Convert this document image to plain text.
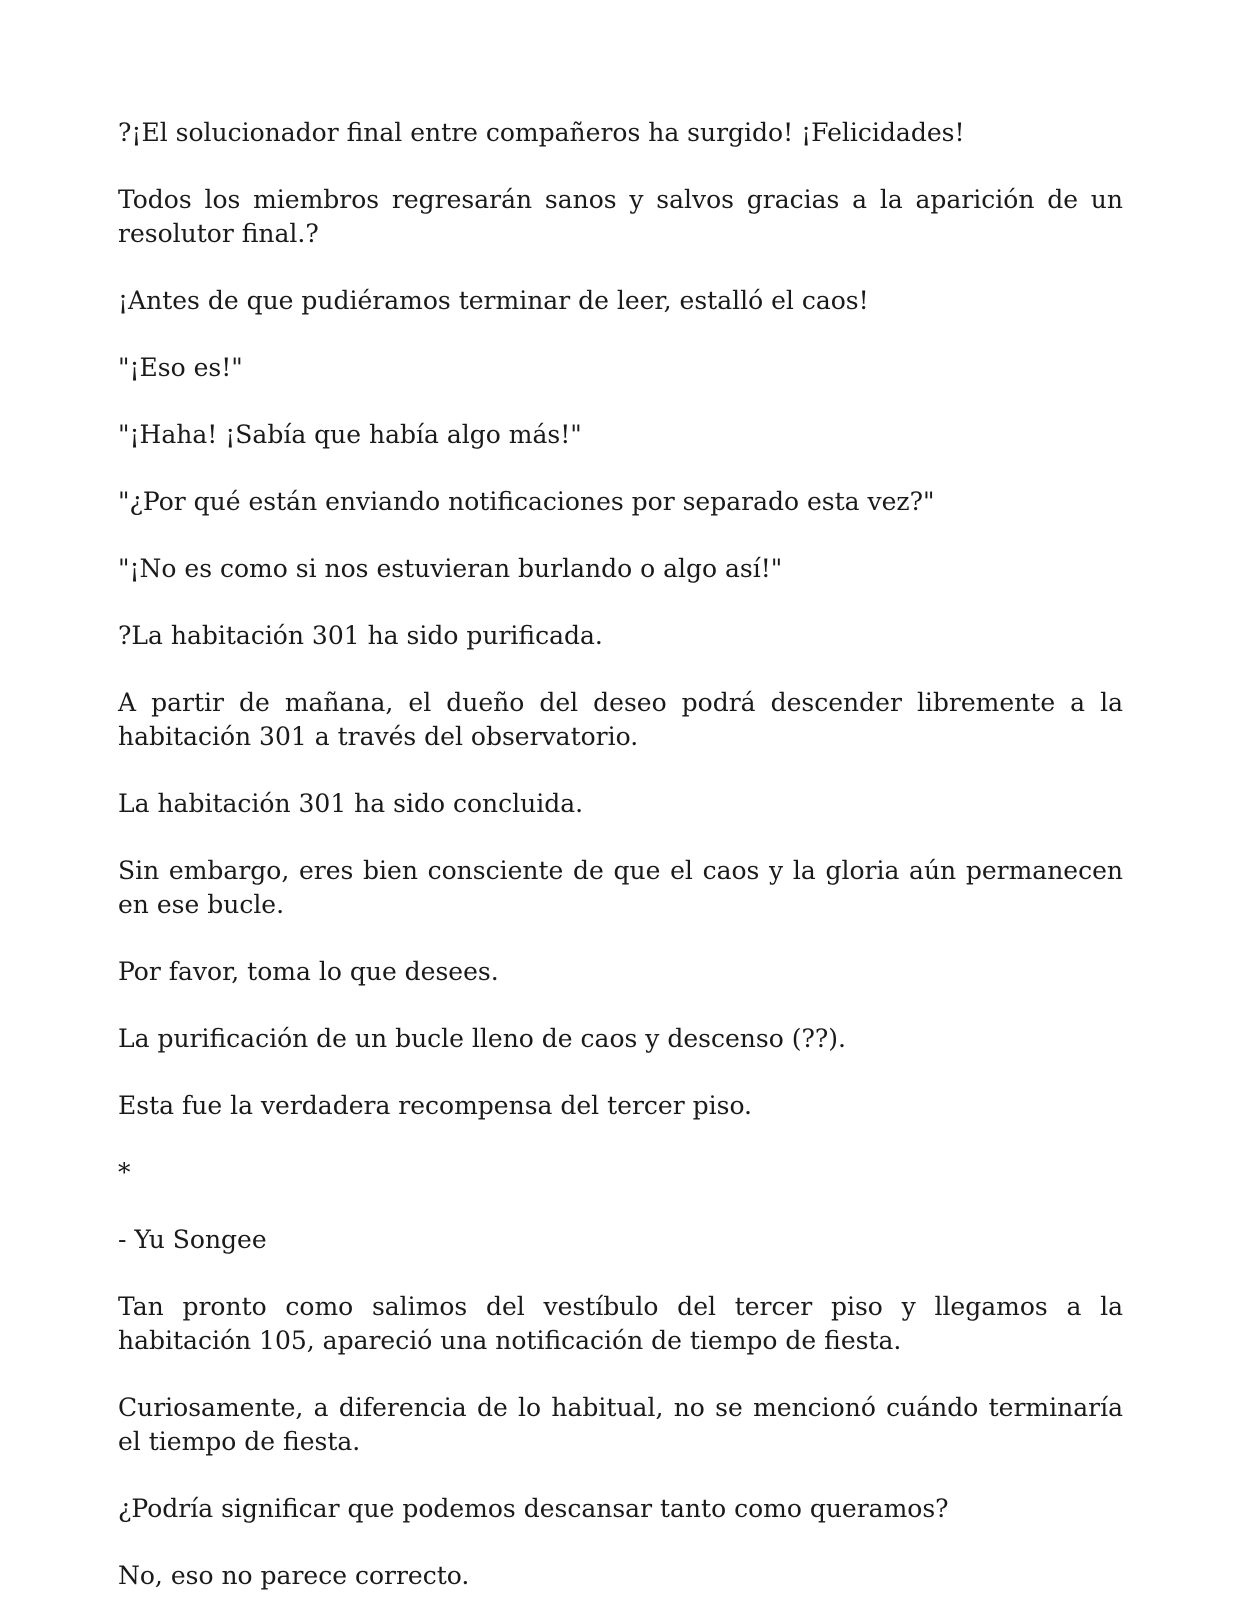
?¡El solucionador final entre compañeros ha surgido! ¡Felicidades!

Todos los miembros regresarán sanos y salvos gracias a la aparición de un resolutor final.?

¡Antes de que pudiéramos terminar de leer, estalló el caos!

"¡Eso es!"

"¡Haha! ¡Sabía que había algo más!"

"¿Por qué están enviando notificaciones por separado esta vez?"

"¡No es como si nos estuvieran burlando o algo así!"

?La habitación 301 ha sido purificada.

A partir de mañana, el dueño del deseo podrá descender libremente a la habitación 301 a través del observatorio.

La habitación 301 ha sido concluida.

Sin embargo, eres bien consciente de que el caos y la gloria aún permanecen en ese bucle.

Por favor, toma lo que desees.

La purificación de un bucle lleno de caos y descenso (??).

Esta fue la verdadera recompensa del tercer piso.

*

- Yu Songee

Tan pronto como salimos del vestíbulo del tercer piso y llegamos a la habitación 105, apareció una notificación de tiempo de fiesta.

Curiosamente, a diferencia de lo habitual, no se mencionó cuándo terminaría el tiempo de fiesta.

¿Podría significar que podemos descansar tanto como queramos?

No, eso no parece correcto.
